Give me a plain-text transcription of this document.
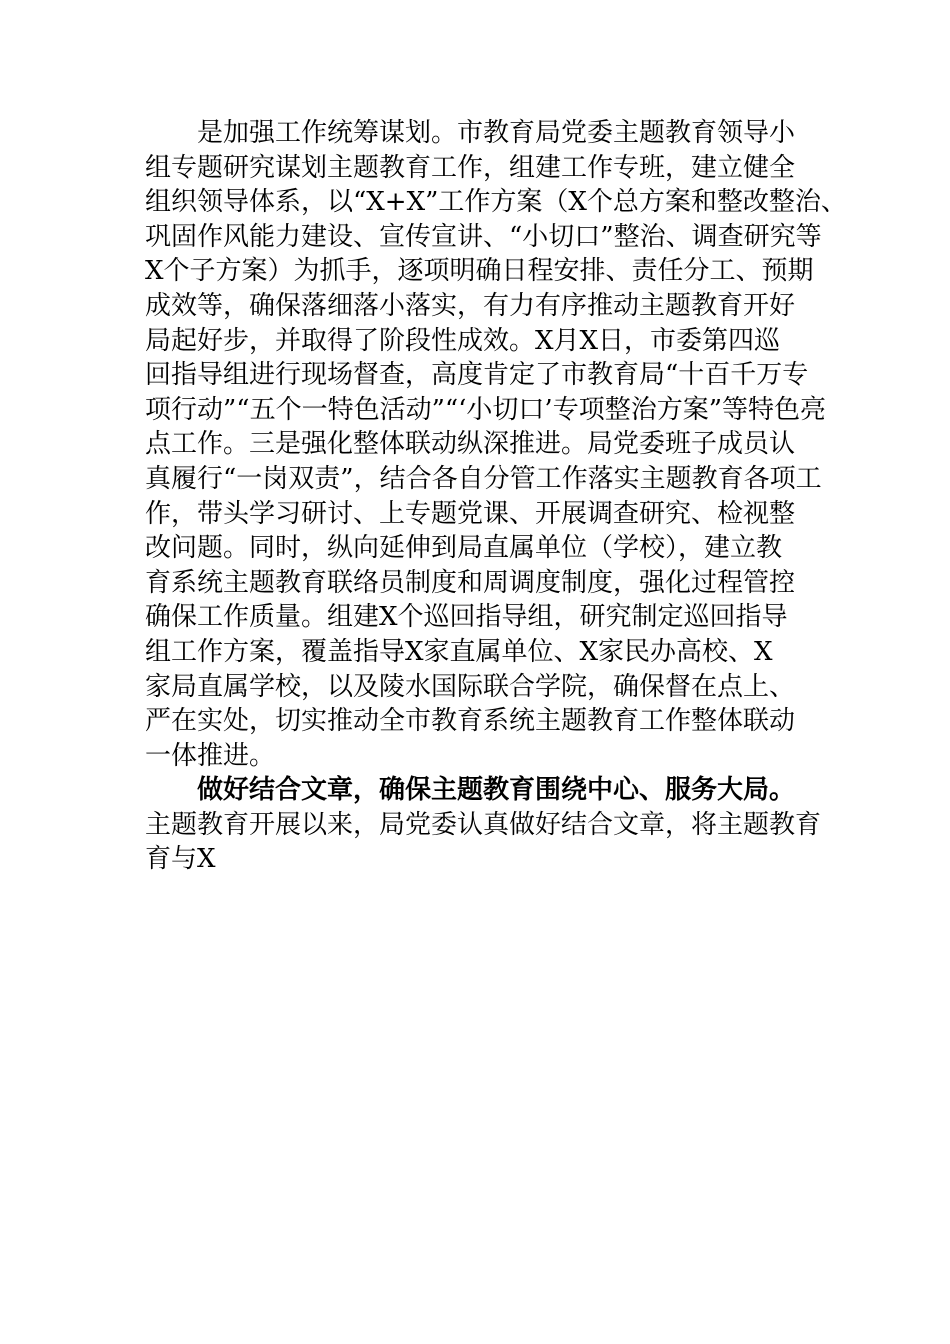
是加强工作统筹谋划。市教育局党委主题教育领导小
组专题研究谋划主题教育工作，组建工作专班，建立健全
组织领导体系，以“X+X”工作方案（X个总方案和整改整治、
巩固作风能力建设、宣传宣讲、“小切口”整治、调查研究等
X个子方案）为抓手，逐项明确日程安排、责任分工、预期
成效等，确保落细落小落实，有力有序推动主题教育开好
局起好步，并取得了阶段性成效。X月X日，市委第四巡
回指导组进行现场督查，高度肯定了市教育局“十百千万专
项行动”“五个一特色活动”“‘小切口’专项整治方案”等特色亮
点工作。三是强化整体联动纵深推进。局党委班子成员认
真履行“一岗双责”，结合各自分管工作落实主题教育各项工
作，带头学习研讨、上专题党课、开展调查研究、检视整
改问题。同时，纵向延伸到局直属单位（学校），建立教
育系统主题教育联络员制度和周调度制度，强化过程管控
确保工作质量。组建X个巡回指导组，研究制定巡回指导
组工作方案，覆盖指导X家直属单位、X家民办高校、X
家局直属学校，以及陵水国际联合学院，确保督在点上、
严在实处，切实推动全市教育系统主题教育工作整体联动
一体推进。
做好结合文章，确保主题教育围绕中心、服务大局。
主题教育开展以来，局党委认真做好结合文章，将主题教育
育与X
